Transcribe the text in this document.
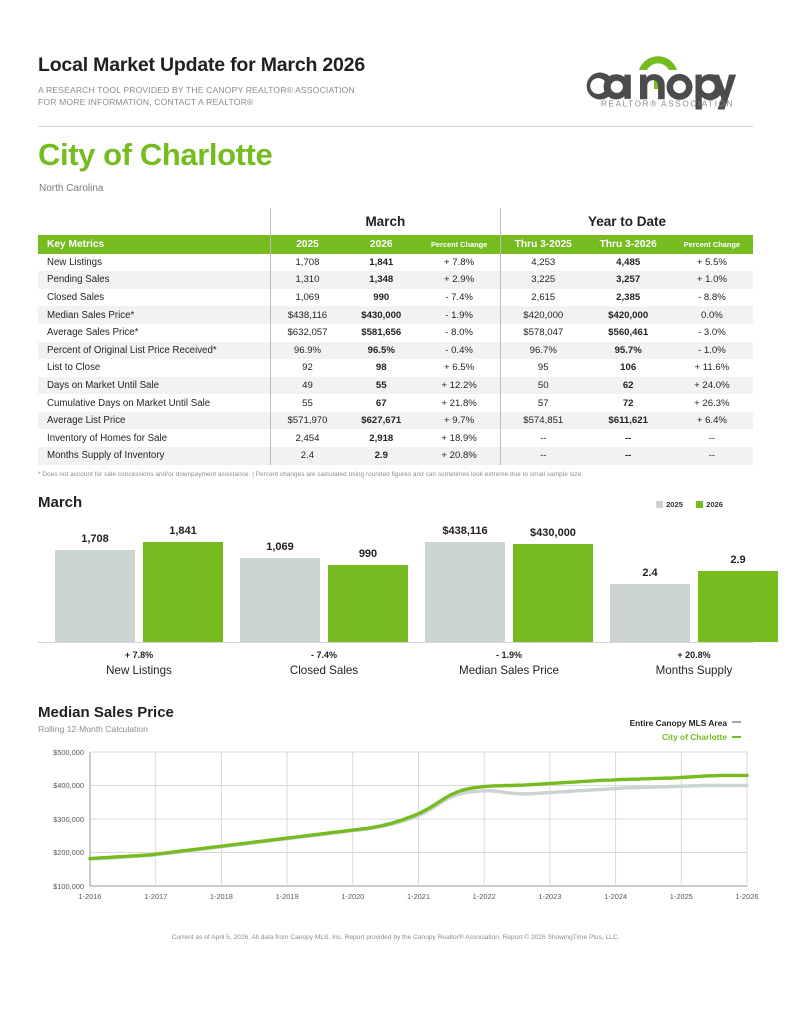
Local Market Update for March 2026
A RESEARCH TOOL PROVIDED BY THE CANOPY REALTOR® ASSOCIATION
FOR MORE INFORMATION, CONTACT A REALTOR®	REALTOR® ASSOCIATION
City of Charlotte
North Carolina
	March			Year to Date		
Key Metrics	2025	2026	Percent Change	Thru 3-2025	Thru 3-2026	Percent Change
New Listings	1,708	1,841	+ 7.8%	4,253	4,485	+ 5.5%
Pending Sales	1,310	1,348	+ 2.9%	3,225	3,257	+ 1.0%
Closed Sales	1,069	990	- 7.4%	2,615	2,385	- 8.8%
Median Sales Price*	$438,116	$430,000	- 1.9%	$420,000	$420,000	0.0%
Average Sales Price*	$632,057	$581,656	- 8.0%	$578,047	$560,461	- 3.0%
Percent of Original List Price Received*	96.9%	96.5%	- 0.4%	96.7%	95.7%	- 1.0%
List to Close	92	98	+ 6.5%	95	106	+ 11.6%
Days on Market Until Sale	49	55	+ 12.2%	50	62	+ 24.0%
Cumulative Days on Market Until Sale	55	67	+ 21.8%	57	72	+ 26.3%
Average List Price	$571,970	$627,671	+ 9.7%	$574,851	$611,621	+ 6.4%
Inventory of Homes for Sale	2,454	2,918	+ 18.9%	--	--	--
Months Supply of Inventory	2.4	2.9	+ 20.8%	--	--	--
* Does not account for sale concessions and/or downpayment assistance. | Percent changes are calculated using rounded figures and can sometimes look extreme due to small sample size.
March	2025	2026
1,708
1,841
1,069
990
$438,116	$430,000
2.4
2.9
+ 7.8%
New Listings
- 7.4%
Closed Sales
- 1.9%
Median Sales Price
+ 20.8%
Months Supply
Median Sales Price
Rolling 12-Month Calculation
Entire Canopy MLS Area
City of Charlotte
$100,000
$200,000
$300,000
$400,000
$500,000
1-2016	1-2017	1-2018	1-2019	1-2020	1-2021	1-2022	1-2023	1-2024	1-2025	1-2026
Current as of April 5, 2026. All data from Canopy MLS, Inc. Report provided by the Canopy Realtor® Association. Report © 2026 ShowingTime Plus, LLC.
